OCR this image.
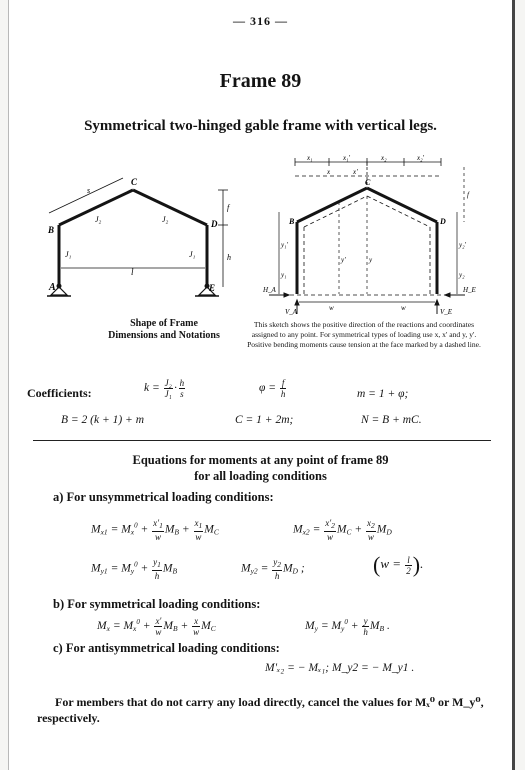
— 316 —
Frame 89
Symmetrical two-hinged gable frame with vertical legs.
A
B
C
D
E
s
J₂	J₂
J₁	J₁
f
h
l
Shape of Frame
Dimensions and Notations
x₁	x₁'	x₂	x₂'
x	x'
C
B	D
y₁
y₁'
y
y'
y₂
y₂'
f
H_A	H_E
V_A	V_E
w	w
This sketch shows the positive direction of the reactions and coordinates assigned to any point. For symmetrical types of loading use x, x' and y, y'. Positive bending moments cause tension at the face marked by a dashed line.
Coefficients:	$k = \frac{\text{J₂}}{\text{J₁}} \cdot \frac{h}{s}$	$\varphi = \frac{f}{h}$	m = 1 + φ;
B = 2 (k + 1) + m	C = 1 + 2m;	N = B + mC.
Equations for moments at any point of frame 89
for all loading conditions
a) For unsymmetrical loading conditions:
$M_{x1} = M_x^0 + \frac{x'_1}{w} M_B + \frac{x_1}{w} M_C$	$M_{x2} = \frac{x'_2}{w} M_C + \frac{x_2}{w} M_D$
$M_{y1} = M_y^0 + \frac{y_1}{h} M_B$	$M_{y2} = \frac{y_2}{h} M_D$ ;	($w = \frac{l}{2}$ ).
b) For symmetrical loading conditions:
$M_x = M_x^0 + \frac{x'}{w} M_B + \frac{x}{w} M_C$	$M_y = M_y^0 + \frac{y}{h} M_B$ .
c) For antisymmetrical loading conditions:
M'ₓ₂ = − Mₓ₁; M_y2 = − M_y1 .
For members that do not carry any load directly, cancel the values for Mₓ⁰ or M_y⁰, respectively.
